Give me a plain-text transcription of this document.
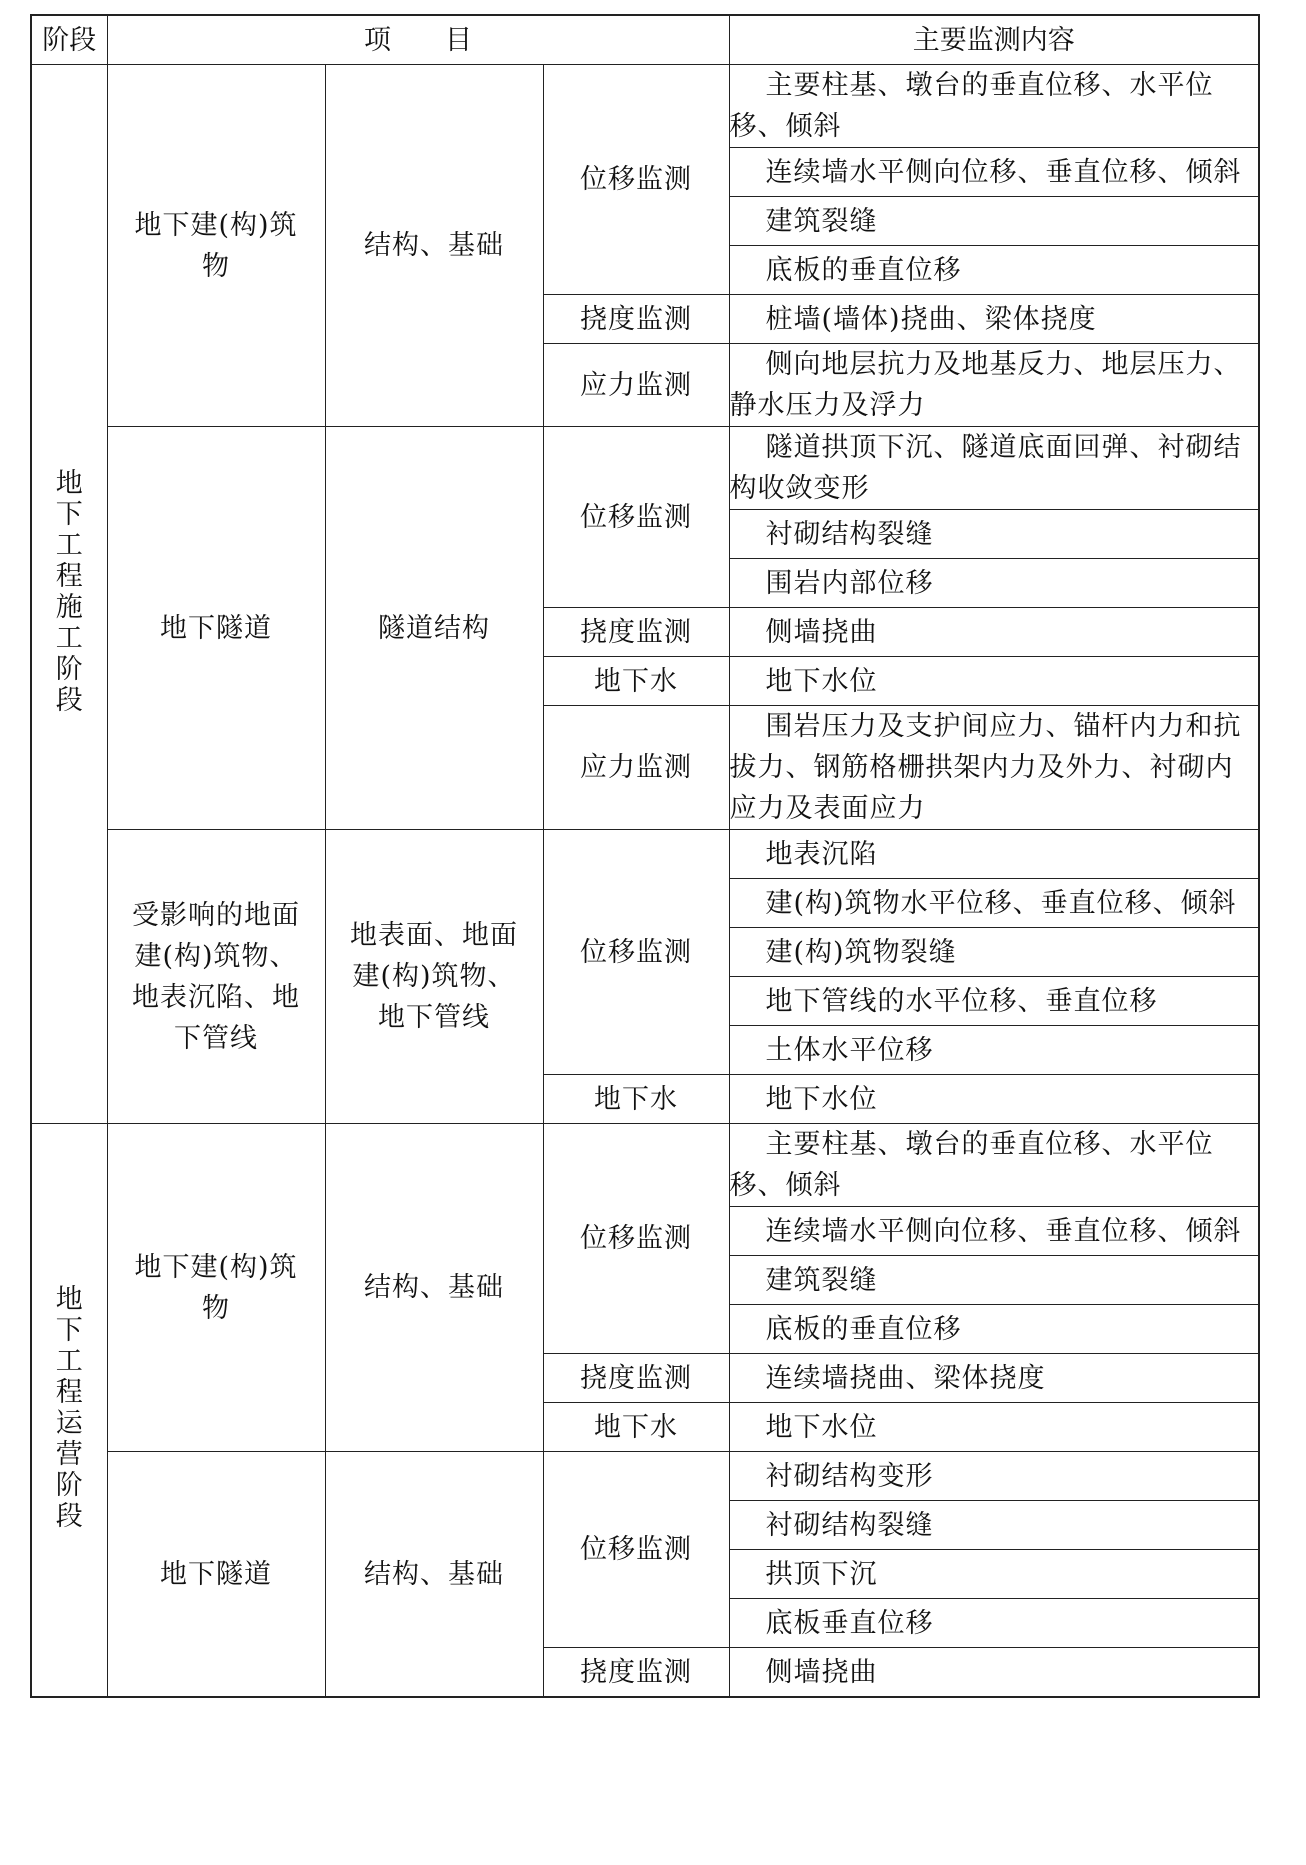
阶段	项　　目			主要监测内容
地下工程施工阶段	地下建(构)筑物	结构、基础	位移监测	主要柱基、墩台的垂直位移、水平位移、倾斜

				连续墙水平侧向位移、垂直位移、倾斜

				建筑裂缝

				底板的垂直位移

			挠度监测	桩墙(墙体)挠曲、梁体挠度

			应力监测	侧向地层抗力及地基反力、地层压力、静水压力及浮力

	地下隧道	隧道结构	位移监测	隧道拱顶下沉、隧道底面回弹、衬砌结构收敛变形

				衬砌结构裂缝

				围岩内部位移

			挠度监测	侧墙挠曲

			地下水	地下水位

			应力监测	围岩压力及支护间应力、锚杆内力和抗拔力、钢筋格栅拱架内力及外力、衬砌内应力及表面应力

	受影响的地面建(构)筑物、地表沉陷、地下管线	地表面、地面建(构)筑物、地下管线	位移监测	地表沉陷

				建(构)筑物水平位移、垂直位移、倾斜

				建(构)筑物裂缝

				地下管线的水平位移、垂直位移

				土体水平位移

			地下水	地下水位

地下工程运营阶段	地下建(构)筑物	结构、基础	位移监测	主要柱基、墩台的垂直位移、水平位移、倾斜

				连续墙水平侧向位移、垂直位移、倾斜

				建筑裂缝

				底板的垂直位移

			挠度监测	连续墙挠曲、梁体挠度

			地下水	地下水位

	地下隧道	结构、基础	位移监测	衬砌结构变形

				衬砌结构裂缝

				拱顶下沉

				底板垂直位移

			挠度监测	侧墙挠曲
